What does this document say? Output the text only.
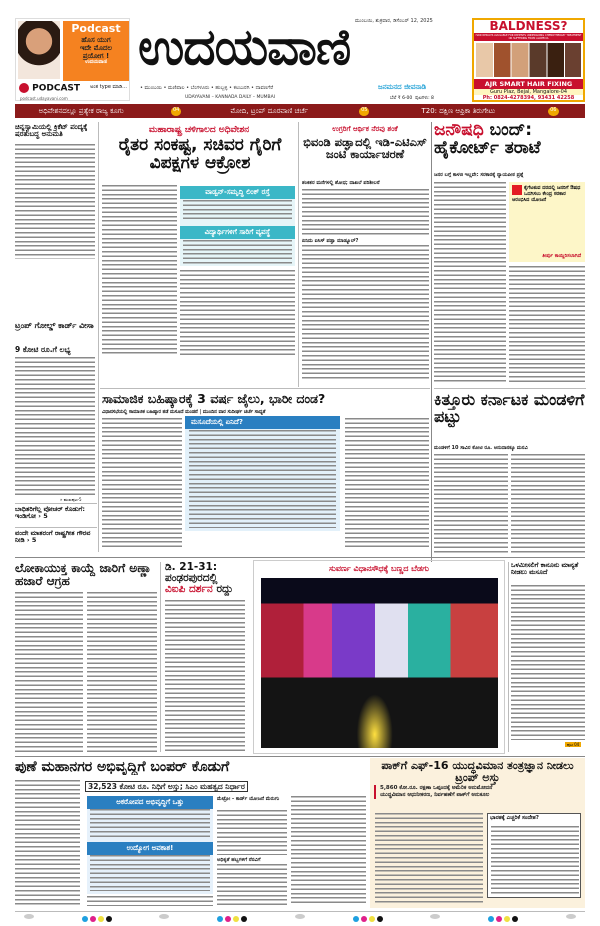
Podcast
ಹೊಸ ಯುಗ
ಇದೇ ಮೊದಲ
ಪ್ರಯೋಗ !
ಉದಯವಾಣಿ
PODCAST ಅಂತ type ಮಾಡಿ...
podcast.udayavani.com
ಮುಂಬಯಿ, ಶುಕ್ರವಾರ, ಡಿಸೆಂಬರ್ 12, 2025
ಉದಯವಾಣಿ
• ಮುಂಬಯಿ • ಮಣಿಪಾಲ • ಬೆಂಗಳೂರು • ಹುಬ್ಬಳ್ಳಿ • ಕಲಬುರಗಿ • ದಾವಣಗೆರೆ
UDAYAVANI – KANNADA DAILY – MUMBAI
ಜನಮನದ ಜೀವನಾಡಿ
ಬೆಲೆ ₹ 6-00 ಪುಟಗಳು: 8
BALDNESS?
HAIR RESULTS AVAILABLE FOR PATIENTS UNDERGOING CHEMOTHERAPY TREATMENT OR SUFFERING FROM ALOPECIA
AJR SMART HAIR FIXING
Guru Plaz, Bejal, Mangalore-04
Ph: 0824-4278394, 93431 42258
ಅಧಿವೇಶನದಲ್ಲೂ ಪ್ರತ್ಯೇಕ ರಾಜ್ಯ ಕೂಗು	04	ಮೋದಿ, ಟ್ರಂಪ್ ದೂರವಾಣಿ ಚರ್ಚೆ	05	T20: ದಕ್ಷಿಣ ಆಫ್ರಿಕಾ ತಿರುಗೇಟು	06
ಚಿನ್ನಸ್ವಾಮಿಯಲ್ಲಿ ಕ್ರಿಕೆಟ್ ಪಂದ್ಯಕ್ಕೆ ಷರತುಬದ್ಧ ಅನುಮತಿ
ಟ್ರಂಪ್ ಗೋಲ್ಡ್ ಕಾರ್ಡ್ ವೀಸಾ
9 ಕೋಟಿ ರೂ.ಗೆ ಲಭ್ಯ
» ಮುಖಪುಟ-5
ಬಾಧಿತರಿಗೆಲ್ಲ ವೋಚರ್ ಕೊಡುಗೆ: ಇಂಡಿಗೋ › 5
ವಂದೇ ಮಾತರಂಗೆ ರಾಷ್ಟ್ರಗೀತ ಗೌರವ ನೀಡಿ › 5
ಮಹಾರಾಷ್ಟ್ರ ಚಳಿಗಾಲದ ಅಧಿವೇಶನ
ರೈತರ ಸಂಕಷ್ಟ, ಸಚಿವರ ಗೈರಿಗೆ ವಿಪಕ್ಷಗಳ ಆಕ್ರೋಶ
ವಾಡ್ವನ್-ಸಮೃದ್ಧಿ ಲಿಂಕ್ ರಸ್ತೆ
ವಿದ್ಯಾರ್ಥಿಗಳಿಗೆ ಸಾರಿಗೆ ವ್ಯವಸ್ಥೆ
ಉಗ್ರರಿಗೆ ಆರ್ಥಿಕ ನೆರವು ಶಂಕೆ
ಭಿವಂಡಿ ಪಡ್ಘಾದಲ್ಲಿ ಇಡಿ-ಎಟಿಎಸ್ ಜಂಟಿ ಕಾರ್ಯಾಚರಣೆ
ಶಂಕಿತರ ಮನೆಗಳಲ್ಲಿ ಶೋಧ; ದಾಖಲೆ ಪರಿಶೀಲನೆ
ಏನಿದು ಐಸಿಸ್ ಪಡ್ಘಾ ಮಾಡ್ಯೂಲ್?
ಜನೌಷಧಿ ಬಂದ್:
ಹೈಕೋರ್ಟ್ ತರಾಟೆ
ಜನರ ಬಗ್ಗೆ ಕಾಳಜಿ ಇಲ್ಲವೇ: ಸರಕಾರಕ್ಕೆ ನ್ಯಾಯಪೀಠ ಪ್ರಶ್ನೆ
ಕೈಗೆಟಕುವ ದರದಲ್ಲಿ ಜನರಿಗೆ ಔಷಧ ಒದಗಿಸಲು ಕೇಂದ್ರ ಸರಕಾರ ಆರಂಭಿಸಿದ ಯೋಜನೆ
ತೀರ್ಪು ಕಾಯ್ದಿರಿಸಲಾಗಿದೆ
ಸಾಮಾಜಿಕ ಬಹಿಷ್ಕಾರಕ್ಕೆ 3 ವರ್ಷ ಜೈಲು, ಭಾರೀ ದಂಡ?
ವಿಧಾನಸಭೆಯಲ್ಲಿ ಸಾಮಾಜಿಕ ಬಹಿಷ್ಕಾರ ತಡೆ ಮಸೂದೆ ಮಂಡನೆ | ಮುಂದಿನ ವಾರ ಸುದೀರ್ಘ ಚರ್ಚೆ ಸಾಧ್ಯತೆ
ಮಸೂದೆಯಲ್ಲಿ ಏನಿದೆ?
ಕಿತ್ತೂರು ಕರ್ನಾಟಕ ಮಂಡಳಿಗೆ ಪಟ್ಟು
ಮಂಡಳಿಗೆ 10 ಸಾವಿರ ಕೋಟಿ ರೂ. ಅನುದಾನಕ್ಕೂ ಮನವಿ
ಲೋಕಾಯುಕ್ತ ಕಾಯ್ದೆ ಜಾರಿಗೆ ಅಣ್ಣಾ ಹಜಾರೆ ಆಗ್ರಹ
ಡಿ. 21-31:
ಪಂಢರಪುರದಲ್ಲಿ
ವಿಐಪಿ ದರ್ಶನ ರದ್ದು
ಸುವರ್ಣ ವಿಧಾನಸೌಧಕ್ಕೆ ಬಣ್ಣದ ಬೆಡಗು	ಒಳಮೀಸಲಿಗೆ ಕಾನೂನು ಮಾನ್ಯತೆ ನೀಡಲು ಮಸೂದೆ
ಪುಟ 04
ಪುಣೆ ಮಹಾನಗರ ಅಭಿವೃದ್ಧಿಗೆ ಬಂಪರ್ ಕೊಡುಗೆ
32,523 ಕೋಟಿ ರೂ. ನಿಧಿಗೆ ಅಸ್ತು; ಸಿಎಂ ಮಹತ್ವದ ನಿರ್ಧಾರ
ಅಕರೋಪದ ಅಭಿವೃದ್ಧಿಗೆ ಒತ್ತು
ಉದ್ಯೋಗ ಅವಕಾಶ!
ಮೆಟ್ರೋ - ಕಾರ್ಡ್ ಯೋಜನೆ ಮೆರುಗು
ಅಧಿಕೃತೆ ಹಬ್ಬಗಳಿಗೆ ನೆರವಿಗೆ
ಪಾಕ್‌ಗೆ ಎಫ್-16 ಯುದ್ಧವಿಮಾನ ತಂತ್ರಜ್ಞಾನ ನೀಡಲು ಟ್ರಂಪ್ ಅಸ್ತು
5,860 ಕೋ.ರೂ. ರಕ್ಷಣಾ ಒಪ್ಪಂದಕ್ಕೆ ಅಮೆರಿಕ ಅನುಮೋದನೆ
ಯುದ್ಧವಿಮಾನ ಆಧುನೀಕರಣ, ನಿರ್ವಹಣೆಗೆ ಪಾಕ್‌ಗೆ ಅನುಕೂಲ
ಭಾರತಕ್ಕೆ ಎಚ್ಚರಿಕೆ ಸಂದೇಶ?
